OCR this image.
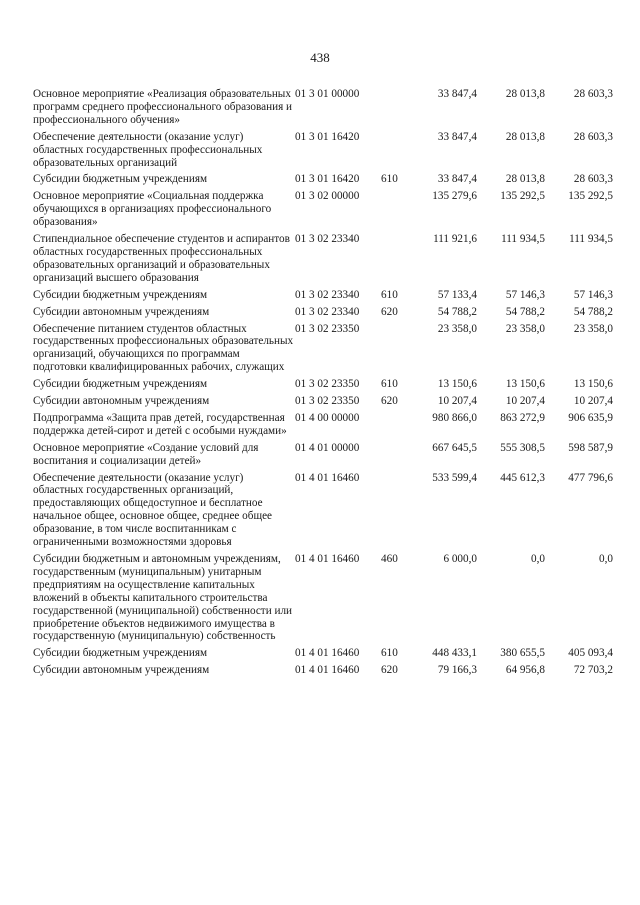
438
Основное мероприятие «Реализация образовательных программ среднего профессионального образования и профессионального обучения»	01 3 01 00000		33 847,4	28 013,8	28 603,3
Обеспечение деятельности (оказание услуг) областных государственных профессиональных образовательных организаций	01 3 01 16420		33 847,4	28 013,8	28 603,3
Субсидии бюджетным учреждениям	01 3 01 16420	610	33 847,4	28 013,8	28 603,3
Основное мероприятие «Социальная поддержка обучающихся в организациях профессионального образования»	01 3 02 00000		135 279,6	135 292,5	135 292,5
Стипендиальное обеспечение студентов и аспирантов областных государственных профессиональных образовательных организаций и образовательных организаций высшего образования	01 3 02 23340		111 921,6	111 934,5	111 934,5
Субсидии бюджетным учреждениям	01 3 02 23340	610	57 133,4	57 146,3	57 146,3
Субсидии автономным учреждениям	01 3 02 23340	620	54 788,2	54 788,2	54 788,2
Обеспечение питанием студентов областных государственных профессиональных образовательных организаций, обучающихся по программам подготовки квалифицированных рабочих, служащих	01 3 02 23350		23 358,0	23 358,0	23 358,0
Субсидии бюджетным учреждениям	01 3 02 23350	610	13 150,6	13 150,6	13 150,6
Субсидии автономным учреждениям	01 3 02 23350	620	10 207,4	10 207,4	10 207,4
Подпрограмма «Защита прав детей, государственная поддержка детей-сирот и детей с особыми нуждами»	01 4 00 00000		980 866,0	863 272,9	906 635,9
Основное мероприятие «Создание условий для воспитания и социализации детей»	01 4 01 00000		667 645,5	555 308,5	598 587,9
Обеспечение деятельности (оказание услуг) областных государственных организаций, предоставляющих общедоступное и бесплатное начальное общее, основное общее, среднее общее образование, в том числе воспитанникам с ограниченными возможностями здоровья	01 4 01 16460		533 599,4	445 612,3	477 796,6
Субсидии бюджетным и автономным учреждениям, государственным (муниципальным) унитарным предприятиям на осуществление капитальных вложений в объекты капитального строительства государственной (муниципальной) собственности или приобретение объектов недвижимого имущества в государственную (муниципальную) собственность	01 4 01 16460	460	6 000,0	0,0	0,0
Субсидии бюджетным учреждениям	01 4 01 16460	610	448 433,1	380 655,5	405 093,4
Субсидии автономным учреждениям	01 4 01 16460	620	79 166,3	64 956,8	72 703,2
